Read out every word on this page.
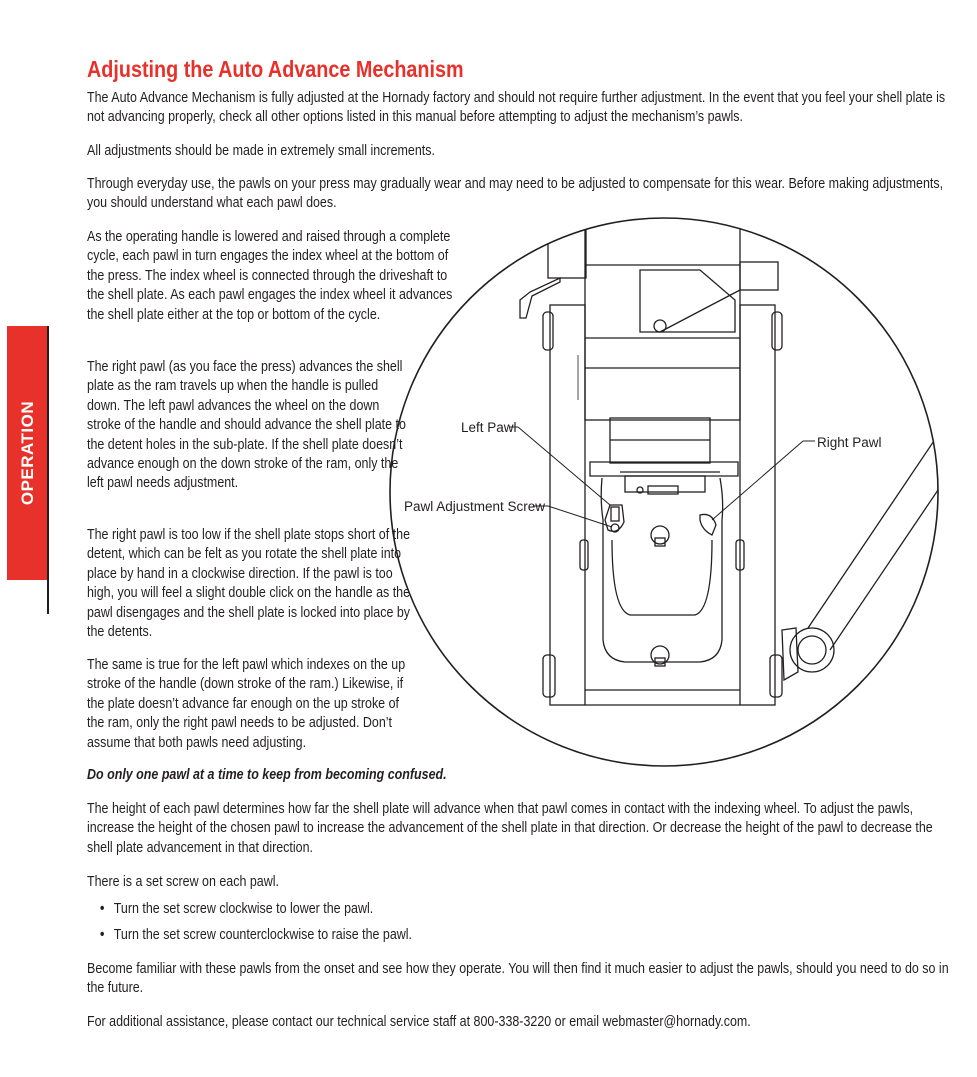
OPERATION
Adjusting the Auto Advance Mechanism

The Auto Advance Mechanism is fully adjusted at the Hornady factory and should not require further adjustment. In the event that you feel your shell plate is not advancing properly, check all other options listed in this manual before attempting to adjust the mechanism’s pawls.

All adjustments should be made in extremely small increments.

Through everyday use, the pawls on your press may gradually wear and may need to be adjusted to compensate for this wear. Before making adjustments, you should understand what each pawl does.

As the operating handle is lowered and raised through a complete cycle, each pawl in turn engages the index wheel at the bottom of the press. The index wheel is connected through the driveshaft to the shell plate. As each pawl engages the index wheel it advances the shell plate either at the top or bottom of the cycle.

The right pawl (as you face the press) advances the shell plate as the ram travels up when the handle is pulled down. The left pawl advances the wheel on the down stroke of the handle and should advance the shell plate to the detent holes in the sub-plate. If the shell plate doesn’t advance enough on the down stroke of the ram, only the left pawl needs adjustment.

The right pawl is too low if the shell plate stops short of the detent, which can be felt as you rotate the shell plate into place by hand in a clockwise direction. If the pawl is too high, you will feel a slight double click on the handle as the pawl disengages and the shell plate is locked into place by the detents.

The same is true for the left pawl which indexes on the up stroke of the handle (down stroke of the ram.) Likewise, if the plate doesn’t advance far enough on the up stroke of the ram, only the right pawl needs to be adjusted. Don’t assume that both pawls need adjusting.

Do only one pawl at a time to keep from becoming confused.

The height of each pawl determines how far the shell plate will advance when that pawl comes in contact with the indexing wheel. To adjust the pawls, increase the height of the chosen pawl to increase the advancement of the shell plate in that direction. Or decrease the height of the pawl to decrease the shell plate advancement in that direction.

There is a set screw on each pawl.

• Turn the set screw clockwise to lower the pawl.
• Turn the set screw counterclockwise to raise the pawl.

Become familiar with these pawls from the onset and see how they operate. You will then find it much easier to adjust the pawls, should you need to do so in the future.

For additional assistance, please contact our technical service staff at 800-338-3220 or email webmaster@hornady.com.

Left Pawl
Pawl Adjustment Screw
Right Pawl
